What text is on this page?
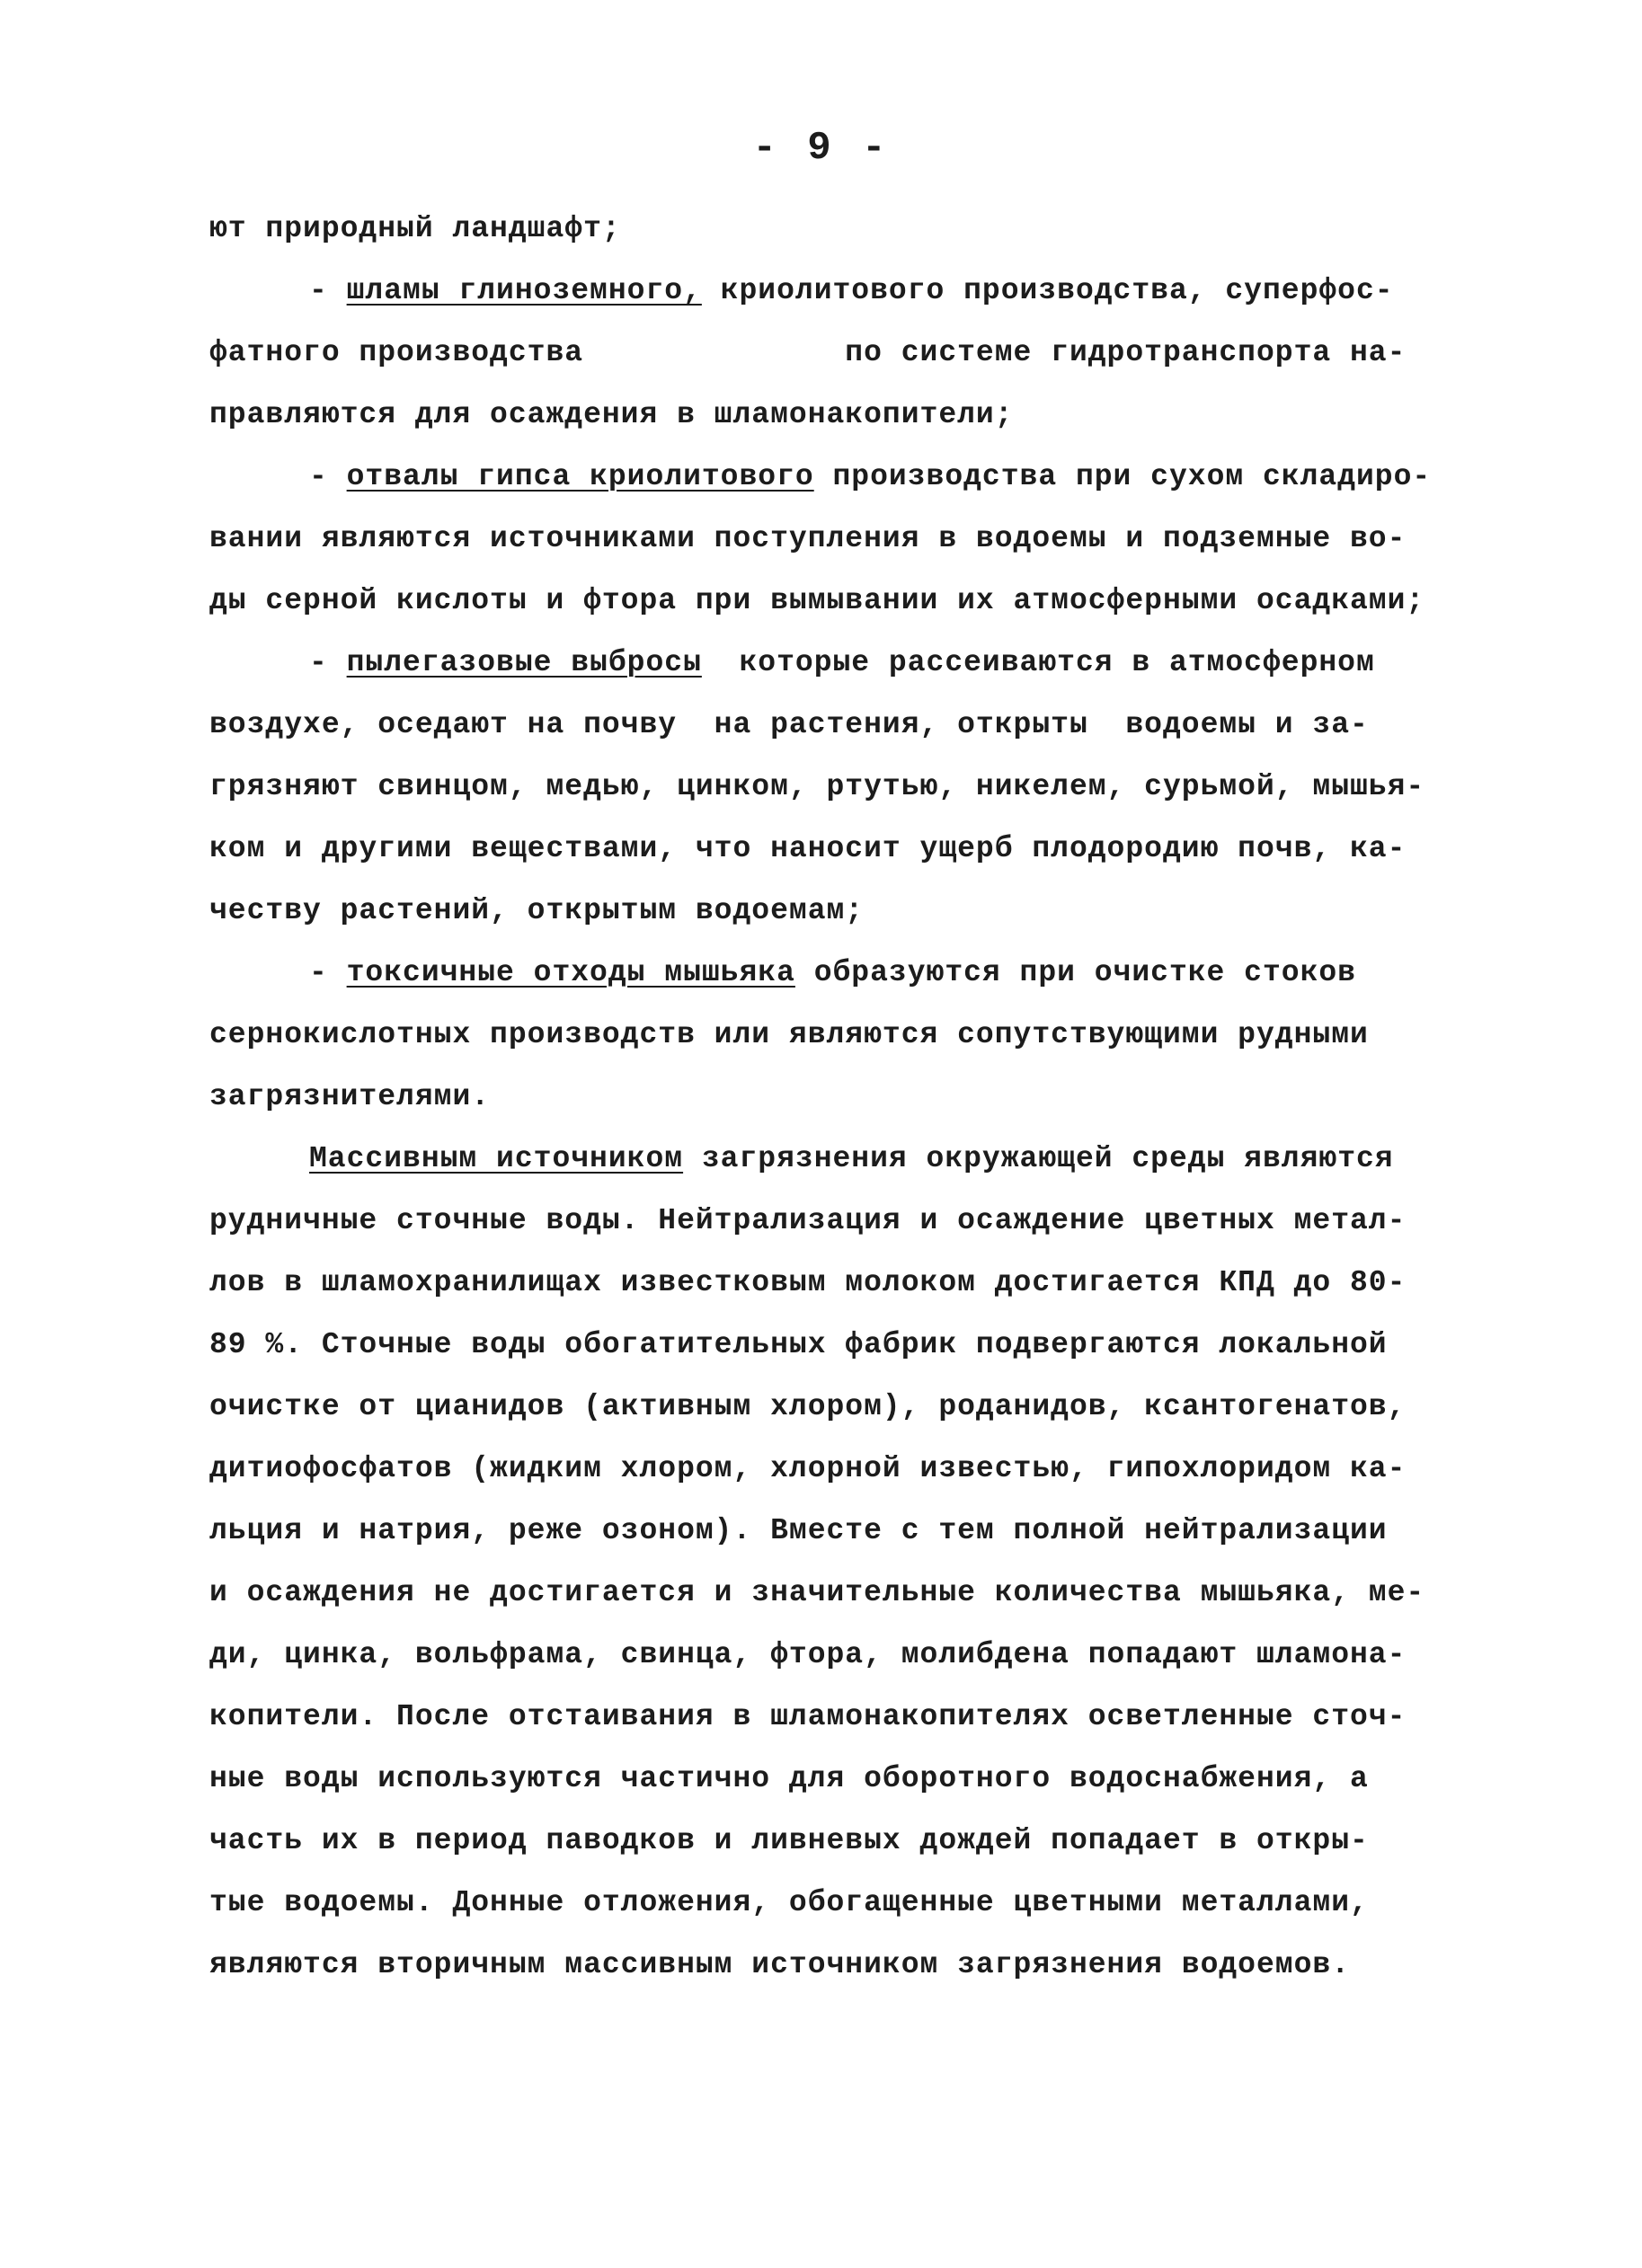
- 9 -
ют природный ландшафт;
- шламы глиноземного, криолитового производства, суперфос-
фатного производства              по системе гидротранспорта на-
правляются для осаждения в шламонакопители;
- отвалы гипса криолитового производства при сухом складиро-
вании являются источниками поступления в водоемы и подземные во-
ды серной кислоты и фтора при вымывании их атмосферными осадками;
- пылегазовые выбросы  которые рассеиваются в атмосферном
воздухе, оседают на почву  на растения, открыты  водоемы и за-
грязняют свинцом, медью, цинком, ртутью, никелем, сурьмой, мышья-
ком и другими веществами, что наносит ущерб плодородию почв, ка-
честву растений, открытым водоемам;
- токсичные отходы мышьяка образуются при очистке стоков
сернокислотных производств или являются сопутствующими рудными
загрязнителями.
Массивным источником загрязнения окружающей среды являются
рудничные сточные воды. Нейтрализация и осаждение цветных метал-
лов в шламохранилищах известковым молоком достигается КПД до 80-
89 %. Сточные воды обогатительных фабрик подвергаются локальной
очистке от цианидов (активным хлором), роданидов, ксантогенатов,
дитиофосфатов (жидким хлором, хлорной известью, гипохлоридом ка-
льция и натрия, реже озоном). Вместе с тем полной нейтрализации
и осаждения не достигается и значительные количества мышьяка, ме-
ди, цинка, вольфрама, свинца, фтора, молибдена попадают шламона-
копители. После отстаивания в шламонакопителях осветленные сточ-
ные воды используются частично для оборотного водоснабжения, а
часть их в период паводков и ливневых дождей попадает в откры-
тые водоемы. Донные отложения, обогащенные цветными металлами,
являются вторичным массивным источником загрязнения водоемов.
